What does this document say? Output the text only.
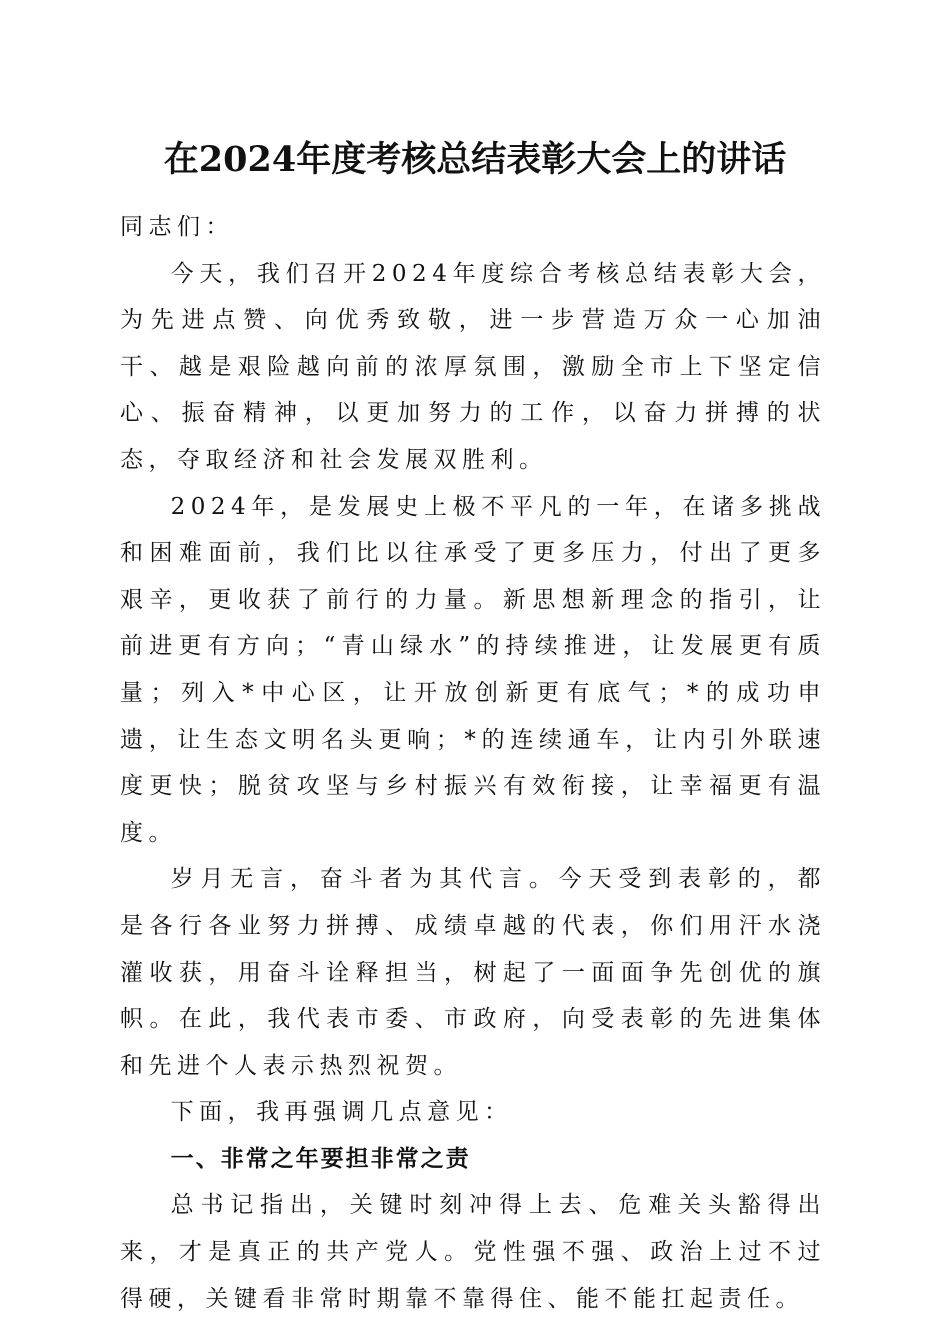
在2024年度考核总结表彰大会上的讲话

同志们：

今天，我们召开2024年度综合考核总结表彰大会，为先进点赞、向优秀致敬，进一步营造万众一心加油干、越是艰险越向前的浓厚氛围，激励全市上下坚定信心、振奋精神，以更加努力的工作，以奋力拼搏的状态，夺取经济和社会发展双胜利。

2024年，是发展史上极不平凡的一年，在诸多挑战和困难面前，我们比以往承受了更多压力，付出了更多艰辛，更收获了前行的力量。新思想新理念的指引，让前进更有方向；“青山绿水”的持续推进，让发展更有质量；列入*中心区，让开放创新更有底气；*的成功申遗，让生态文明名头更响；*的连续通车，让内引外联速度更快；脱贫攻坚与乡村振兴有效衔接，让幸福更有温度。

岁月无言，奋斗者为其代言。今天受到表彰的，都是各行各业努力拼搏、成绩卓越的代表，你们用汗水浇灌收获，用奋斗诠释担当，树起了一面面争先创优的旗帜。在此，我代表市委、市政府，向受表彰的先进集体和先进个人表示热烈祝贺。

下面，我再强调几点意见：

一、非常之年要担非常之责

总书记指出，关键时刻冲得上去、危难关头豁得出来，才是真正的共产党人。党性强不强、政治上过不过得硬，关键看非常时期靠不靠得住、能不能扛起责任。
